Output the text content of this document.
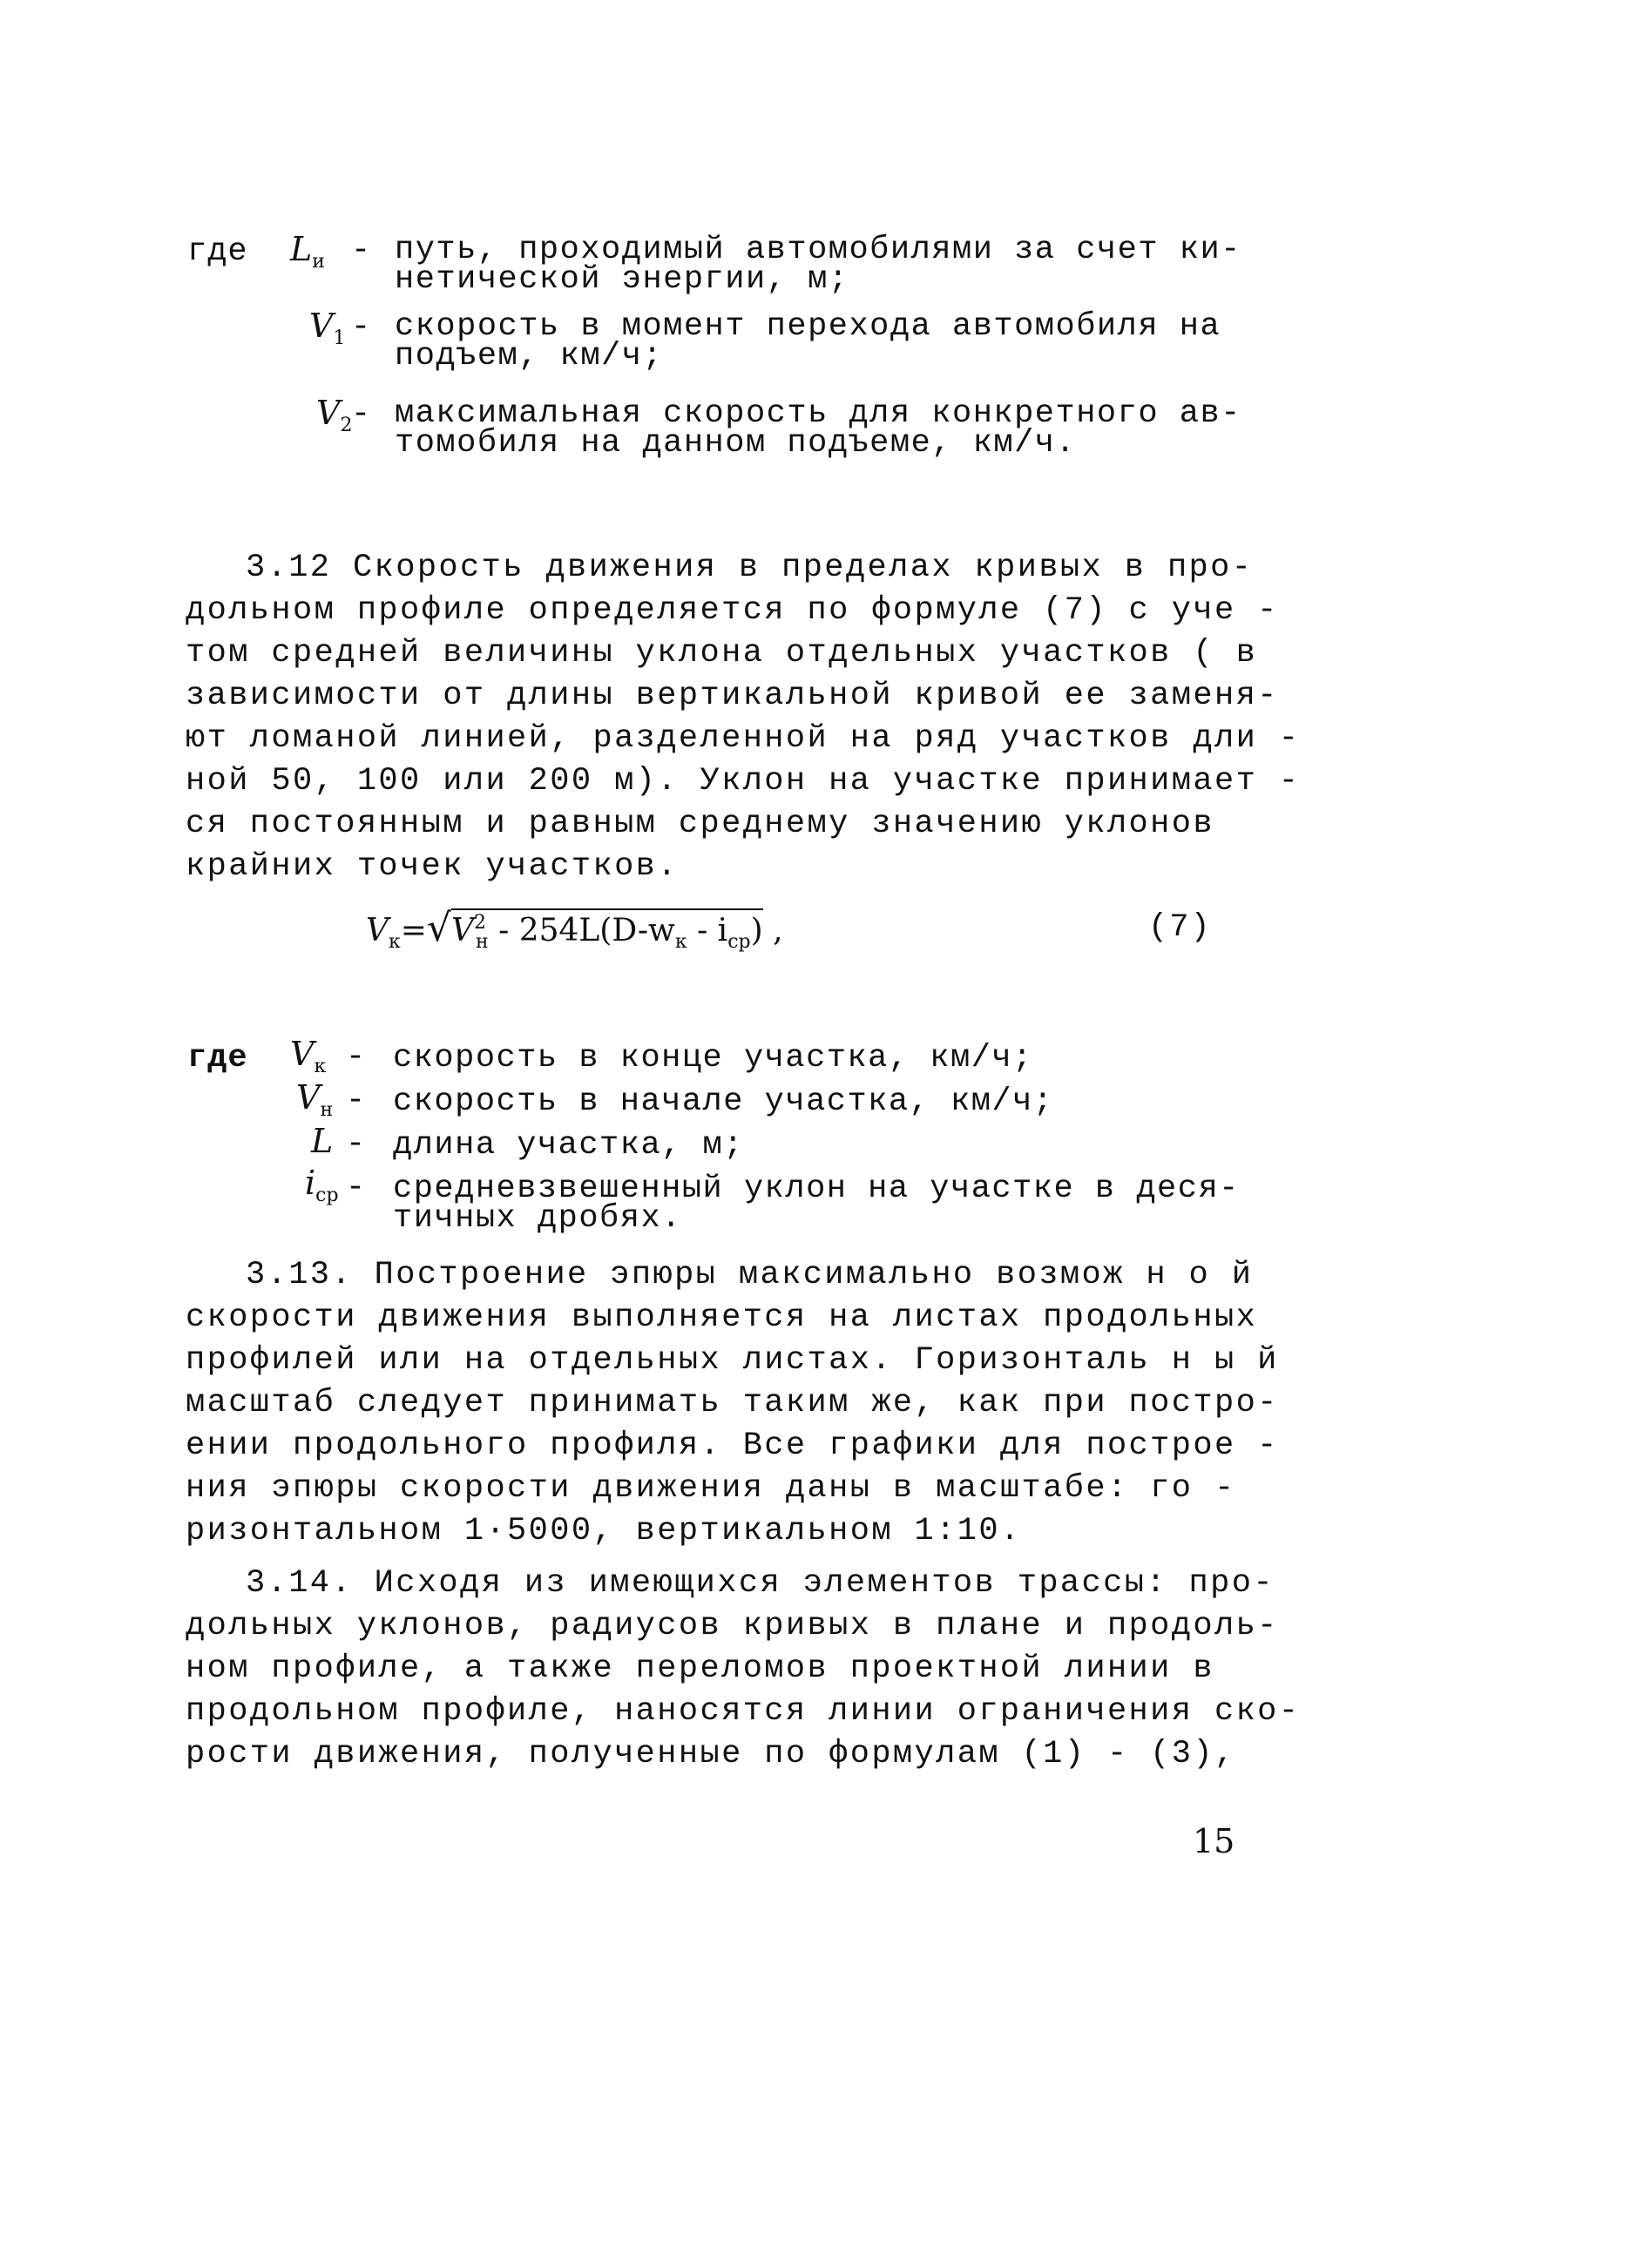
где $L_и$ - путь, проходимый автомобилями за счет ки-
нетической энергии, м;
$V_1$ - скорость в момент перехода автомобиля на
подъем, км/ч;
$V_2$
- максимальная скорость для конкретного ав-
томобиля на данном подъеме, км/ч.
3.12 Скорость движения в пределах кривых в про-
дольном профиле определяется по формуле (7) с уче -
том средней величины уклона отдельных участков ( в
зависимости от длины вертикальной кривой ее заменя-
ют ломаной линией, разделенной на ряд участков дли -
ной 50, 100 или 200 м). Уклон на участке принимает -
ся постоянным и равным среднему значению уклонов
крайних точек участков.
$V_к=√V^2_н - 254L(D-w_к - i_{ср})$ ,	(7)
где $V_к$ - скорость в конце участка, км/ч;
$V_н$ - скорость в начале участка, км/ч;
L - длина участка, м;
$i_{ср}$ - средневзвешенный уклон на участке в деся-
тичных дробях.
3.13. Построение эпюры максимально возмож н о й
скорости движения выполняется на листах продольных
профилей или на отдельных листах. Горизонталь н ы й
масштаб следует принимать таким же, как при постро-
ении продольного профиля. Все графики для построе -
ния эпюры скорости движения даны в масштабе: го -
ризонтальном 1·5000, вертикальном 1:10.
3.14. Исходя из имеющихся элементов трассы: про-
дольных уклонов, радиусов кривых в плане и продоль-
ном профиле, а также переломов проектной линии в
продольном профиле, наносятся линии ограничения ско-
рости движения, полученные по формулам (1) - (3),
15
